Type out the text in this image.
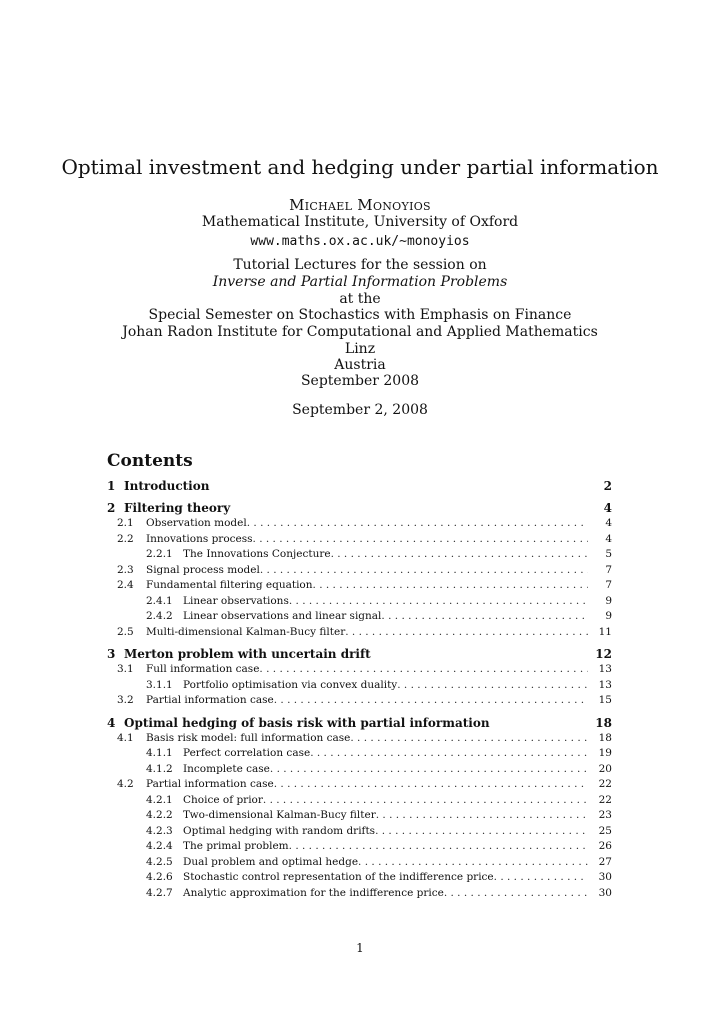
Optimal investment and hedging under partial information
Michael Monoyios
Mathematical Institute, University of Oxford
www.maths.ox.ac.uk/~monoyios
Tutorial Lectures for the session on
Inverse and Partial Information Problems
at the
Special Semester on Stochastics with Emphasis on Finance
Johan Radon Institute for Computational and Applied Mathematics
Linz
Austria
September 2008
September 2, 2008
Contents
1 Introduction	2
2 Filtering theory	4
2.1	Observation model . . .	4
2.2	Innovations process . . .	4
2.2.1 The Innovations Conjecture . . .	5
2.3	Signal process model . . .	7
2.4	Fundamental filtering equation . . .	7
2.4.1 Linear observations . . .	9
2.4.2 Linear observations and linear signal . . .	9
2.5	Multi-dimensional Kalman-Bucy filter . . .	11
3 Merton problem with uncertain drift	12
3.1	Full information case . . .	13
3.1.1 Portfolio optimisation via convex duality . . .	13
3.2	Partial information case . . .	15
4 Optimal hedging of basis risk with partial information	18
4.1	Basis risk model: full information case . . .	18
4.1.1 Perfect correlation case . . .	19
4.1.2 Incomplete case . . .	20
4.2	Partial information case . . .	22
4.2.1 Choice of prior . . .	22
4.2.2 Two-dimensional Kalman-Bucy filter . . .	23
4.2.3 Optimal hedging with random drifts . . .	25
4.2.4 The primal problem . . .	26
4.2.5 Dual problem and optimal hedge . . .	27
4.2.6 Stochastic control representation of the indifference price . . .	30
4.2.7 Analytic approximation for the indifference price . . .	30
1
